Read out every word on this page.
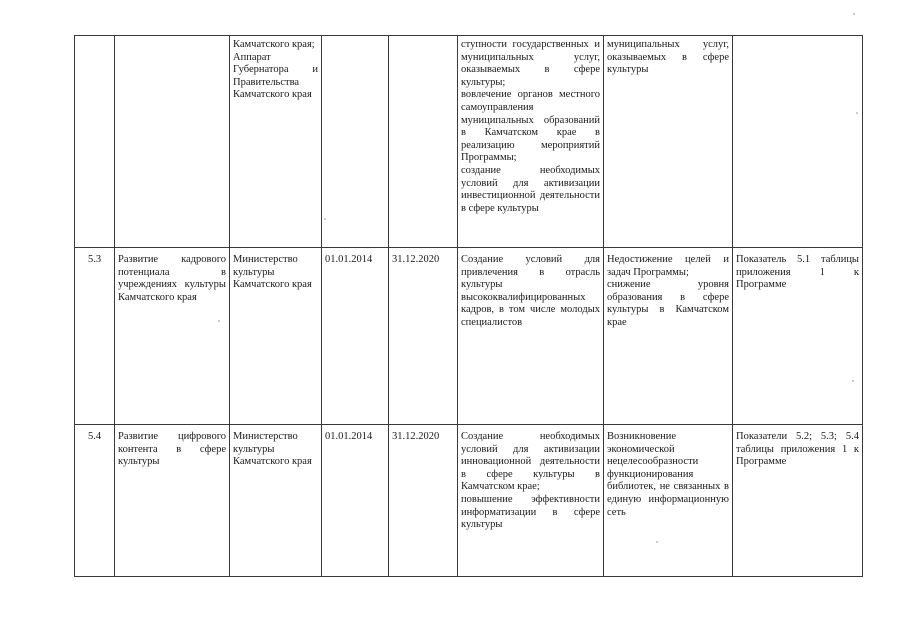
		Камчатского края;
Аппарат Губернатора и Правительства Камчатского края			ступности государственных и муниципальных услуг, оказываемых в сфере культуры;
вовлечение органов местного самоуправления муниципальных образований в Камчатском крае в реализацию мероприятий Программы;
создание необходимых условий для активизации инвестиционной деятельности в сфере культуры	муниципальных услуг, оказываемых в сфере культуры	

5.3	Развитие кадрового потенциала в учреждениях культуры Камчатского края	Министерство культуры Камчатского края	01.01.2014	31.12.2020	Создание условий для привлечения в отрасль культуры высококвалифицированных кадров, в том числе молодых специалистов	Недостижение целей и задач Программы;
снижение уровня образования в сфере культуры в Камчатском крае	Показатель 5.1 таблицы приложения 1 к Программе
5.4	Развитие цифрового контента в сфере культуры	Министерство культуры Камчатского края	01.01.2014	31.12.2020	Создание необходимых условий для активизации инновационной деятельности в сфере культуры в Камчатском крае;
повышение эффективности информатизации в сфере культуры	Возникновение экономической нецелесообразности функционирования библиотек, не связанных в единую информационную сеть	Показатели 5.2; 5.3; 5.4 таблицы приложения 1 к Программе
